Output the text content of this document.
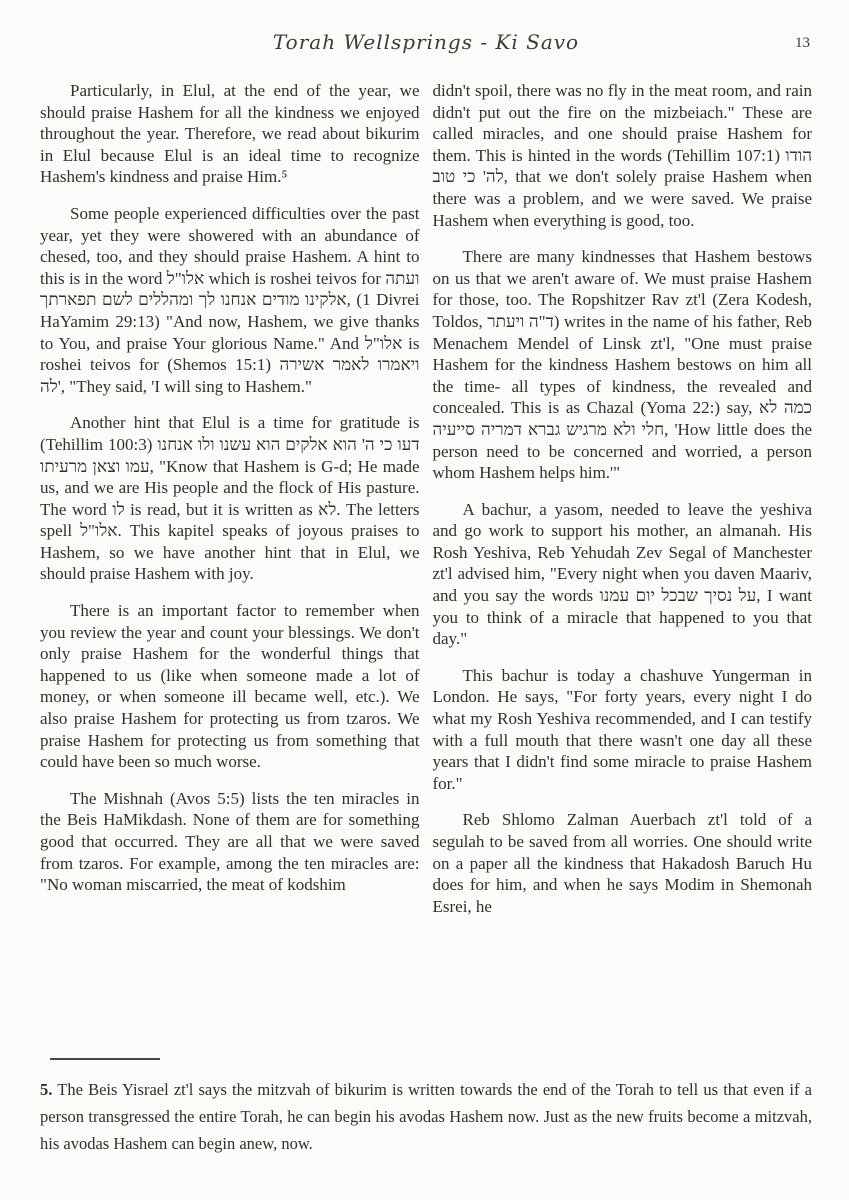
Torah Wellsprings - Ki Savo	13

Particularly, in Elul, at the end of the year, we should praise Hashem for all the kindness we enjoyed throughout the year. Therefore, we read about bikurim in Elul because Elul is an ideal time to recognize Hashem's kindness and praise Him.⁵

Some people experienced difficulties over the past year, yet they were showered with an abundance of chesed, too, and they should praise Hashem. A hint to this is in the word אלו"ל which is roshei teivos for ועתה אלקינו מודים אנחנו לך ומהללים לשם תפארתך, (1 Divrei HaYamim 29:13) "And now, Hashem, we give thanks to You, and praise Your glorious Name." And אלו"ל is roshei teivos for (Shemos 15:1) ויאמרו לאמר אשירה לה', "They said, 'I will sing to Hashem."

Another hint that Elul is a time for gratitude is (Tehillim 100:3) דעו כי ה' הוא אלקים הוא עשנו ולו אנחנו עמו וצאן מרעיתו, "Know that Hashem is G-d; He made us, and we are His people and the flock of His pasture. The word לו is read, but it is written as לא. The letters spell אלו"ל. This kapitel speaks of joyous praises to Hashem, so we have another hint that in Elul, we should praise Hashem with joy.

There is an important factor to remember when you review the year and count your blessings. We don't only praise Hashem for the wonderful things that happened to us (like when someone made a lot of money, or when someone ill became well, etc.). We also praise Hashem for protecting us from tzaros. We praise Hashem for protecting us from something that could have been so much worse.

The Mishnah (Avos 5:5) lists the ten miracles in the Beis HaMikdash. None of them are for something good that occurred. They are all that we were saved from tzaros. For example, among the ten miracles are: "No woman miscarried, the meat of kodshim

didn't spoil, there was no fly in the meat room, and rain didn't put out the fire on the mizbeiach." These are called miracles, and one should praise Hashem for them. This is hinted in the words (Tehillim 107:1) הודו לה' כי טוב, that we don't solely praise Hashem when there was a problem, and we were saved. We praise Hashem when everything is good, too.

There are many kindnesses that Hashem bestows on us that we aren't aware of. We must praise Hashem for those, too. The Ropshitzer Rav zt'l (Zera Kodesh, Toldos, ד"ה ויעתר) writes in the name of his father, Reb Menachem Mendel of Linsk zt'l, "One must praise Hashem for the kindness Hashem bestows on him all the time- all types of kindness, the revealed and concealed. This is as Chazal (Yoma 22:) say, כמה לא חלי ולא מרגיש גברא דמריה סייעיה, 'How little does the person need to be concerned and worried, a person whom Hashem helps him.'"

A bachur, a yasom, needed to leave the yeshiva and go work to support his mother, an almanah. His Rosh Yeshiva, Reb Yehudah Zev Segal of Manchester zt'l advised him, "Every night when you daven Maariv, and you say the words על נסיך שבכל יום עמנו, I want you to think of a miracle that happened to you that day."

This bachur is today a chashuve Yungerman in London. He says, "For forty years, every night I do what my Rosh Yeshiva recommended, and I can testify with a full mouth that there wasn't one day all these years that I didn't find some miracle to praise Hashem for."

Reb Shlomo Zalman Auerbach zt'l told of a segulah to be saved from all worries. One should write on a paper all the kindness that Hakadosh Baruch Hu does for him, and when he says Modim in Shemonah Esrei, he

5. The Beis Yisrael zt'l says the mitzvah of bikurim is written towards the end of the Torah to tell us that even if a person transgressed the entire Torah, he can begin his avodas Hashem now. Just as the new fruits become a mitzvah, his avodas Hashem can begin anew, now.
